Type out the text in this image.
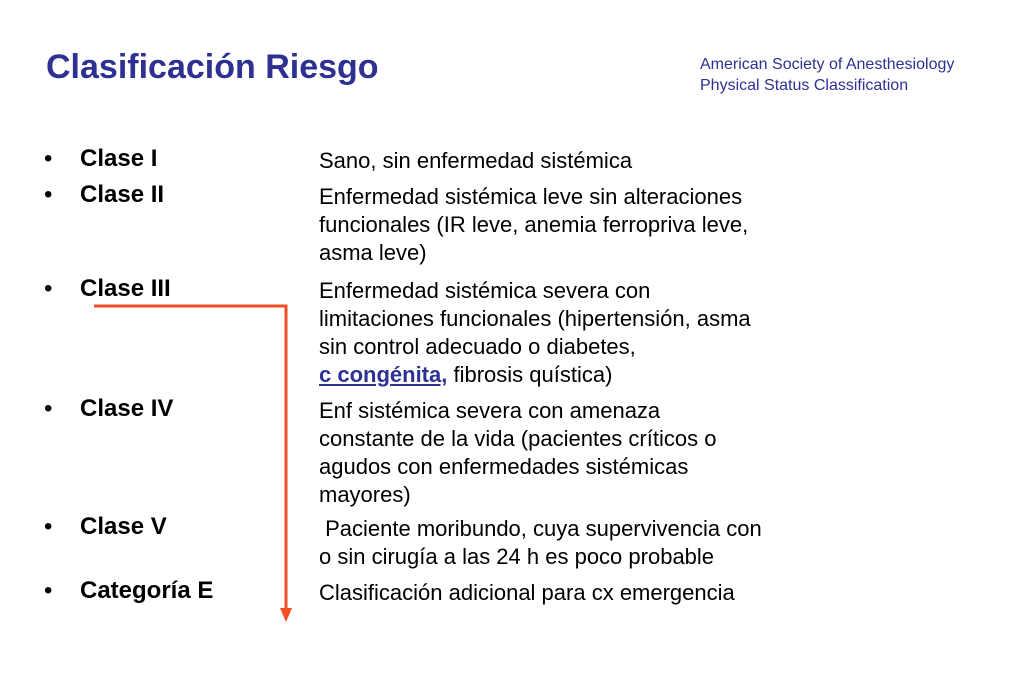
Clasificación Riesgo	American Society of Anesthesiology
Physical Status Classification
• Clase I	Sano, sin enfermedad sistémica
• Clase II	Enfermedad sistémica leve sin alteraciones
funcionales (IR leve, anemia ferropriva leve,
asma leve)
• Clase III	Enfermedad sistémica severa con
limitaciones funcionales (hipertensión, asma
sin control adecuado o diabetes,
c congénita, fibrosis quística)
• Clase IV	Enf sistémica severa con amenaza
constante de la vida (pacientes críticos o
agudos con enfermedades sistémicas
mayores)
• Clase V	Paciente moribundo, cuya supervivencia con
o sin cirugía a las 24 h es poco probable
• Categoría E	Clasificación adicional para cx emergencia
